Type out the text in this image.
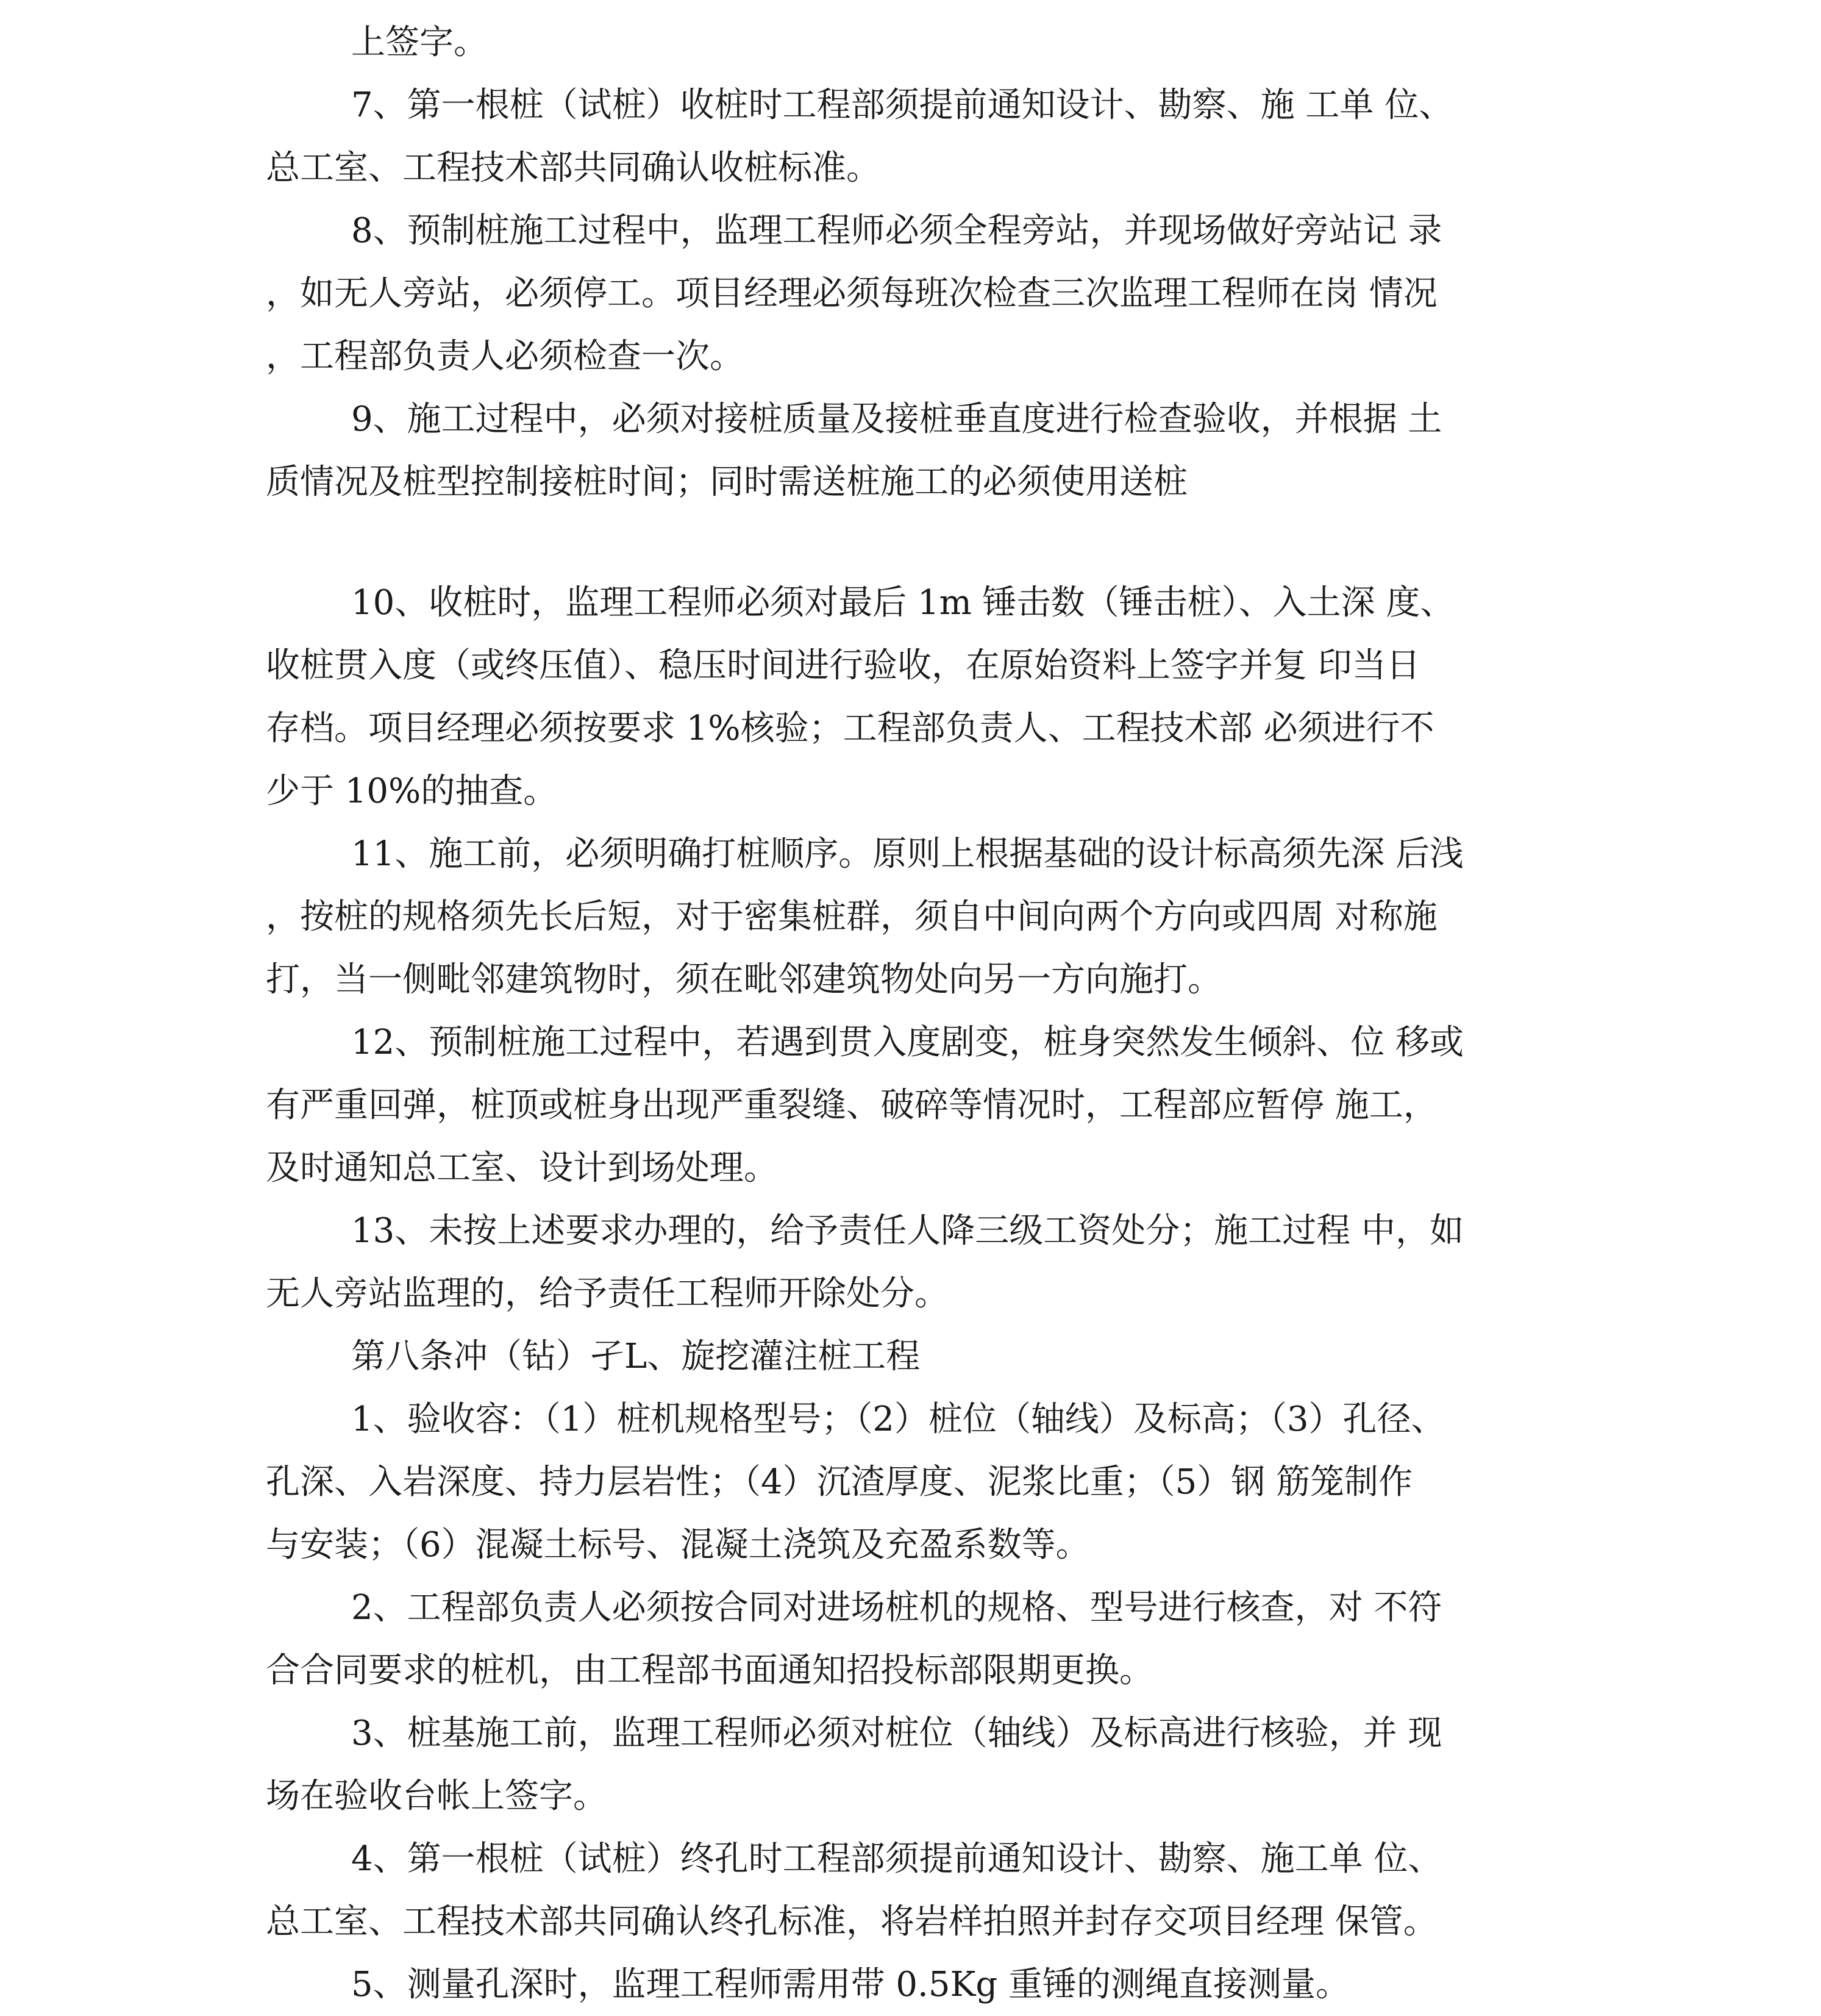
上签字。
7、第一根桩（试桩）收桩时工程部须提前通知设计、勘察、施 工单 位、
总工室、工程技术部共同确认收桩标准。
8、预制桩施工过程中，监理工程师必须全程旁站，并现场做好旁站记 录
，如无人旁站，必须停工。项目经理必须每班次检查三次监理工程师在岗 情况
，工程部负责人必须检查一次。
9、施工过程中，必须对接桩质量及接桩垂直度进行检查验收，并根据 土
质情况及桩型控制接桩时间；同时需送桩施工的必须使用送桩
10、收桩时，监理工程师必须对最后 1m 锤击数（锤击桩）、入土深 度、
收桩贯入度（或终压值）、稳压时间进行验收，在原始资料上签字并复 印当日
存档。项目经理必须按要求 1%核验；工程部负责人、工程技术部 必须进行不
少于 10%的抽查。
11、施工前，必须明确打桩顺序。原则上根据基础的设计标高须先深 后浅
，按桩的规格须先长后短，对于密集桩群，须自中间向两个方向或四周 对称施
打，当一侧毗邻建筑物时，须在毗邻建筑物处向另一方向施打。
12、预制桩施工过程中，若遇到贯入度剧变，桩身突然发生倾斜、位 移或
有严重回弹，桩顶或桩身出现严重裂缝、破碎等情况时，工程部应暂停 施工，
及时通知总工室、设计到场处理。
13、未按上述要求办理的，给予责任人降三级工资处分；施工过程 中，如
无人旁站监理的，给予责任工程师开除处分。
第八条冲（钻）孑L、旋挖灌注桩工程
1、验收容：（1）桩机规格型号；（2）桩位（轴线）及标高；（3）孔径、
孔深、入岩深度、持力层岩性；（4）沉渣厚度、泥浆比重；（5）钢 筋笼制作
与安装；（6）混凝土标号、混凝土浇筑及充盈系数等。
2、工程部负责人必须按合同对进场桩机的规格、型号进行核查，对 不符
合合同要求的桩机，由工程部书面通知招投标部限期更换。
3、桩基施工前，监理工程师必须对桩位（轴线）及标高进行核验，并 现
场在验收台帐上签字。
4、第一根桩（试桩）终孔时工程部须提前通知设计、勘察、施工单 位、
总工室、工程技术部共同确认终孔标准，将岩样拍照并封存交项目经理 保管。
5、测量孔深时，监理工程师需用带 0.5Kg 重锤的测绳直接测量。
